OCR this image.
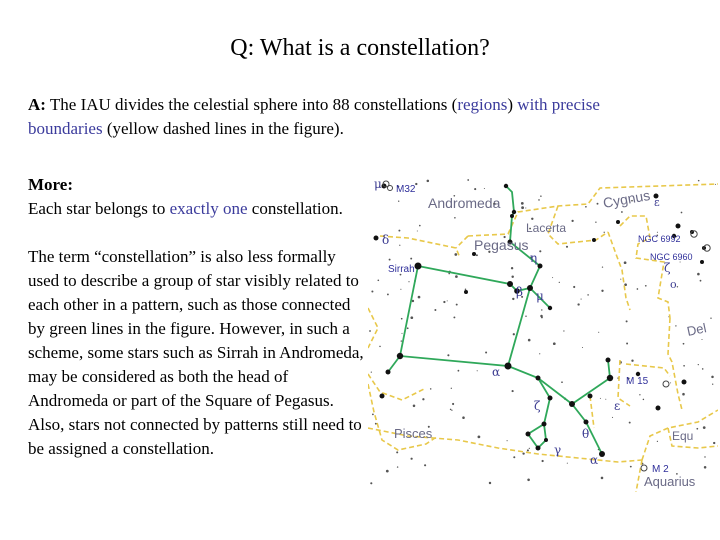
Q: What is a constellation?
A: The IAU divides the celestial sphere into 88 constellations (regions) with precise boundaries (yellow dashed lines in the figure).

More:
Each star belongs to exactly one constellation.

The term “constellation” is also less formally used to describe a group of star visibly related to each other in a pattern, such as those connected by green lines in the figure. However, in such a scheme, some stars such as Sirrah in Andromeda, may be considered as both the head of Andromeda or part of the Square of Pegasus. Also, stars not connected by patterns still need to be assigned a constellation.

M32
Andromeda	Cygnus
Lacerta
Pegasus	NGC 6992
NGC 6960
Sirrah
Del
M 15
Pisces	Equ
M 2
Aquarius
μ
δ
η
ζ
β μ
α
ζ	ε
θ
γ
α
ο
ε
